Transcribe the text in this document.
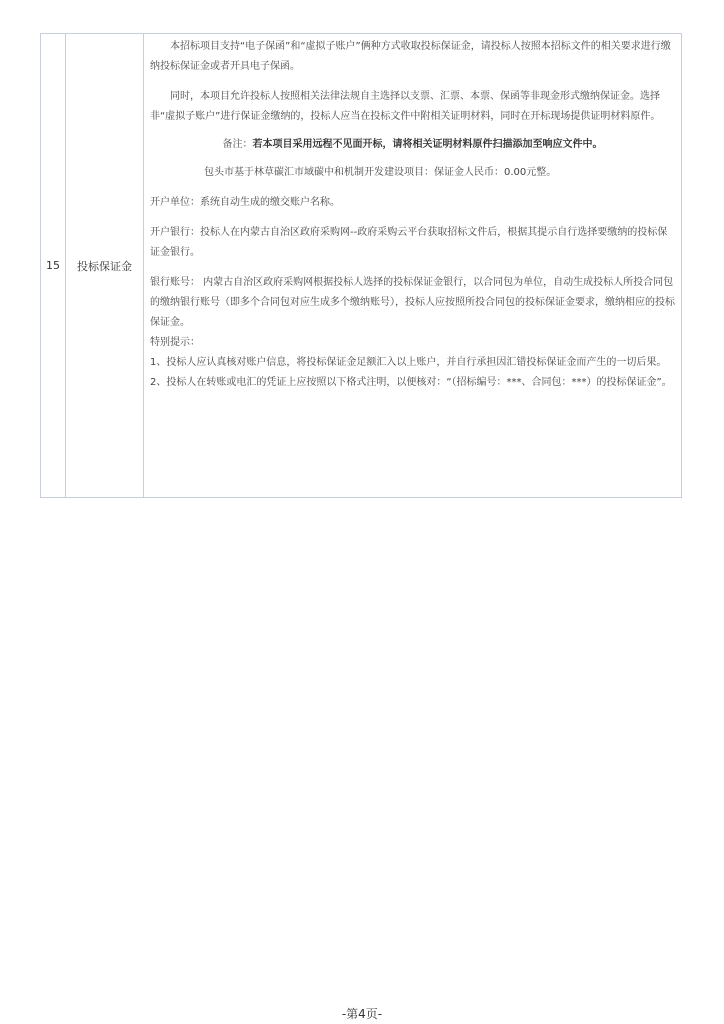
15 投标保证金

本招标项目支持“电子保函”和“虚拟子账户”俩种方式收取投标保证金，请投标人按照本招标文件的相关要求进行缴纳投标保证金或者开具电子保函。

同时，本项目允许投标人按照相关法律法规自主选择以支票、汇票、本票、保函等非现金形式缴纳保证金。选择非“虚拟子账户”进行保证金缴纳的，投标人应当在投标文件中附相关证明材料，同时在开标现场提供证明材料原件。

备注：若本项目采用远程不见面开标，请将相关证明材料原件扫描添加至响应文件中。

包头市基于林草碳汇市域碳中和机制开发建设项目：保证金人民币：0.00元整。

开户单位：系统自动生成的缴交账户名称。

开户银行：投标人在内蒙古自治区政府采购网--政府采购云平台获取招标文件后，根据其提示自行选择要缴纳的投标保证金银行。

银行账号： 内蒙古自治区政府采购网根据投标人选择的投标保证金银行，以合同包为单位，自动生成投标人所投合同包的缴纳银行账号（即多个合同包对应生成多个缴纳账号），投标人应按照所投合同包的投标保证金要求，缴纳相应的投标保证金。

特别提示：

1、投标人应认真核对账户信息，将投标保证金足额汇入以上账户，并自行承担因汇错投标保证金而产生的一切后果。

2、投标人在转账或电汇的凭证上应按照以下格式注明，以便核对：“（招标编号：***、合同包：***）的投标保证金”。

-第4页-
